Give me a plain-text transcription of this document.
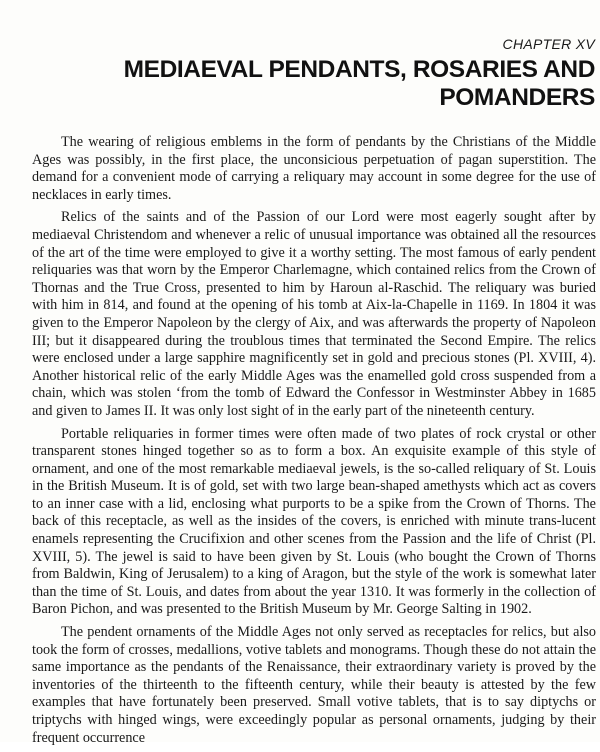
CHAPTER XV
MEDIAEVAL PENDANTS, ROSARIES AND POMANDERS

The wearing of religious emblems in the form of pendants by the Christians of the Middle Ages was possibly, in the first place, the unconsicious perpetuation of pagan superstition. The demand for a convenient mode of carrying a reliquary may account in some degree for the use of necklaces in early times.

Relics of the saints and of the Passion of our Lord were most eagerly sought after by mediaeval Christendom and whenever a relic of unusual importance was obtained all the resources of the art of the time were employed to give it a worthy setting. The most famous of early pendent reliquaries was that worn by the Emperor Charlemagne, which contained relics from the Crown of Thornas and the True Cross, presented to him by Haroun al-Raschid. The reliquary was buried with him in 814, and found at the opening of his tomb at Aix-la-Chapelle in 1169. In 1804 it was given to the Emperor Napoleon by the clergy of Aix, and was afterwards the property of Napoleon III; but it disappeared during the troublous times that terminated the Second Empire. The relics were enclosed under a large sapphire magnificently set in gold and precious stones (Pl. XVIII, 4). Another historical relic of the early Middle Ages was the enamelled gold cross suspended from a chain, which was stolen ‘from the tomb of Edward the Confessor in Westminster Abbey in 1685 and given to James II. It was only lost sight of in the early part of the nineteenth century.

Portable reliquaries in former times were often made of two plates of rock crystal or other transparent stones hinged together so as to form a box. An exquisite example of this style of ornament, and one of the most remarkable mediaeval jewels, is the so-called reliquary of St. Louis in the British Museum. It is of gold, set with two large bean-shaped amethysts which act as covers to an inner case with a lid, enclosing what purports to be a spike from the Crown of Thorns. The back of this receptacle, as well as the insides of the covers, is enriched with minute trans-lucent enamels representing the Crucifixion and other scenes from the Passion and the life of Christ (Pl. XVIII, 5). The jewel is said to have been given by St. Louis (who bought the Crown of Thorns from Baldwin, King of Jerusalem) to a king of Aragon, but the style of the work is somewhat later than the time of St. Louis, and dates from about the year 1310. It was formerly in the collection of Baron Pichon, and was presented to the British Museum by Mr. George Salting in 1902.

The pendent ornaments of the Middle Ages not only served as receptacles for relics, but also took the form of crosses, medallions, votive tablets and monograms. Though these do not attain the same importance as the pendants of the Renaissance, their extraordinary variety is proved by the inventories of the thirteenth to the fifteenth century, while their beauty is attested by the few examples that have fortunately been preserved. Small votive tablets, that is to say diptychs or triptychs with hinged wings, were exceedingly popular as personal ornaments, judging by their frequent occurrence
